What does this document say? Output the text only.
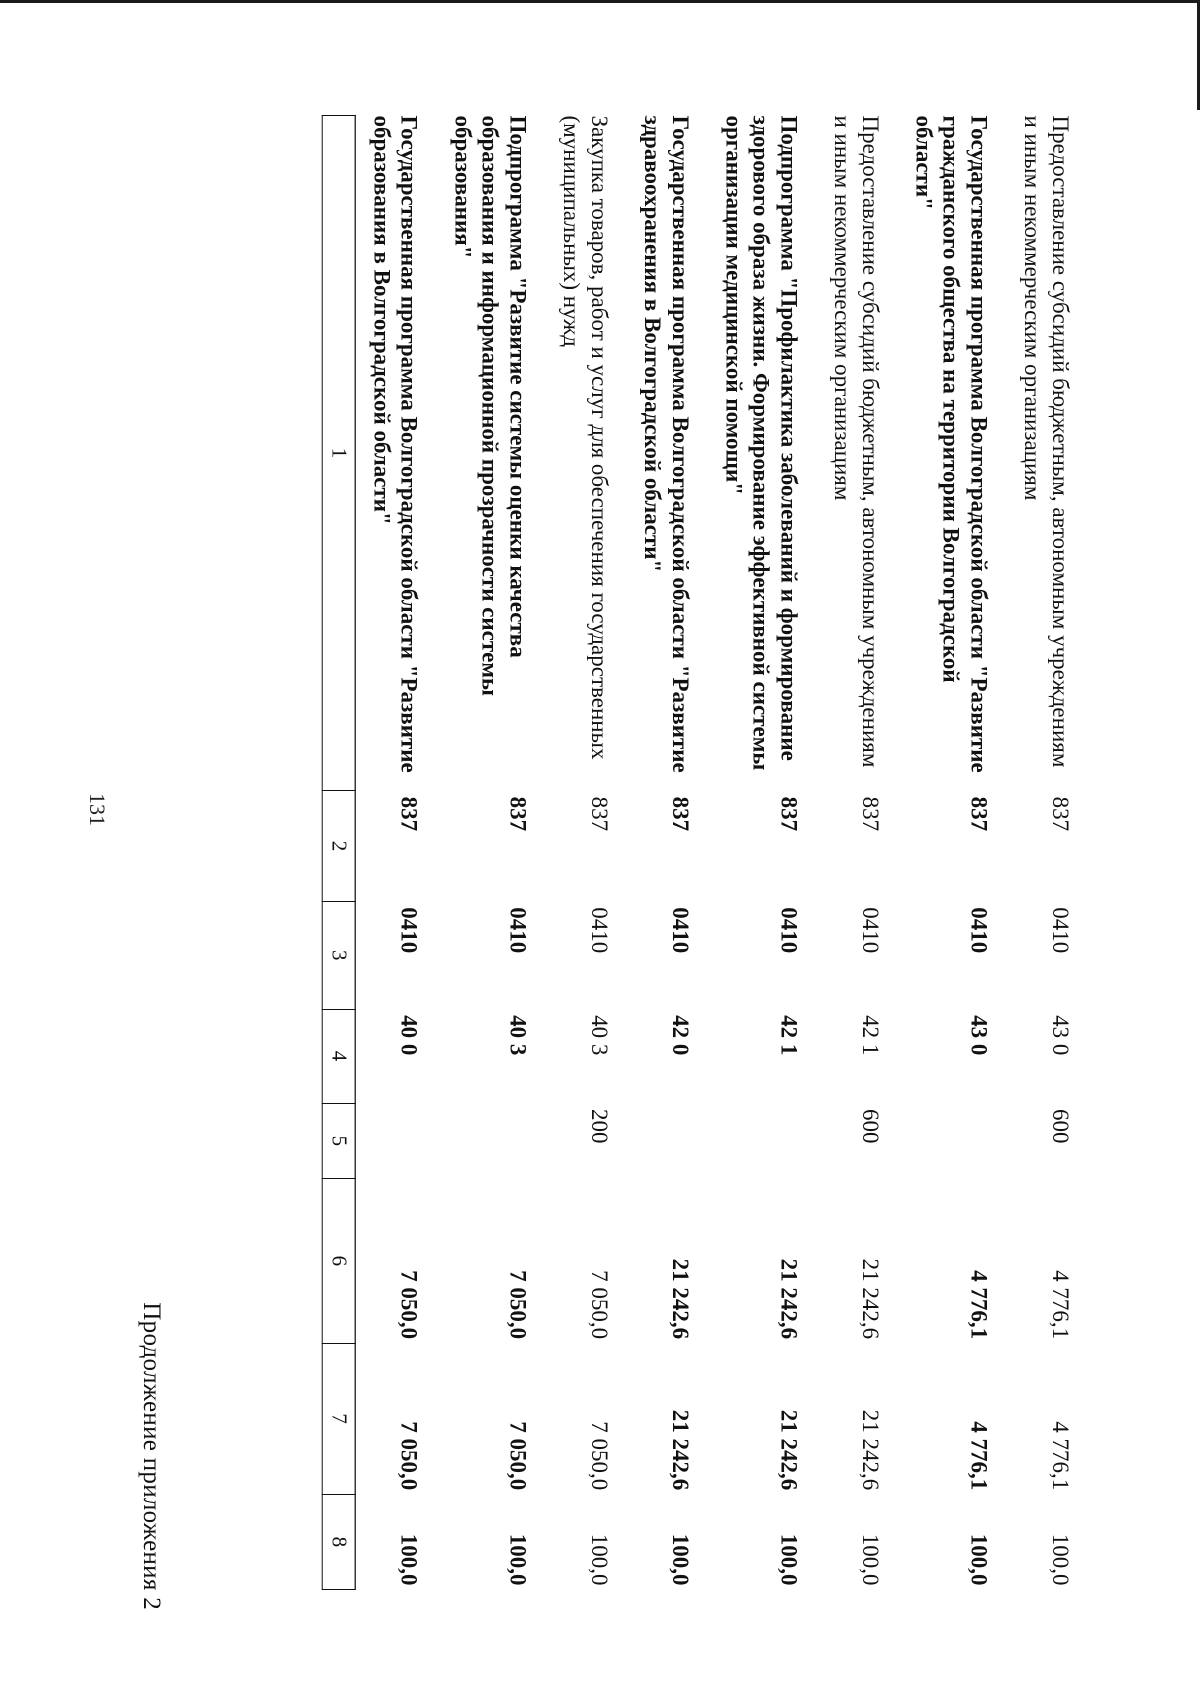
131
Продолжение приложения 2
1	2	3	4	5	6	7	8
Государственная программа Волгоградской области "Развитие образования в Волгоградской области"	837	0410	40 0		7 050,0	7 050,0	100,0
Подпрограмма "Развитие системы оценки качества образования и информационной прозрачности системы образования"	837	0410	40 3		7 050,0	7 050,0	100,0
Закупка товаров, работ и услуг для обеспечения государственных (муниципальных) нужд	837	0410	40 3	200	7 050,0	7 050,0	100,0
Государственная программа Волгоградской области "Развитие здравоохранения в Волгоградской области"	837	0410	42 0		21 242,6	21 242,6	100,0
Подпрограмма "Профилактика заболеваний и формирование здорового образа жизни. Формирование эффективной системы организации медицинской помощи"	837	0410	42 1		21 242,6	21 242,6	100,0
Предоставление субсидий бюджетным, автономным учреждениям и иным некоммерческим организациям	837	0410	42 1	600	21 242,6	21 242,6	100,0
Государственная программа Волгоградской области "Развитие гражданского общества на территории Волгоградской области"	837	0410	43 0		4 776,1	4 776,1	100,0
Предоставление субсидий бюджетным, автономным учреждениям и иным некоммерческим организациям	837	0410	43 0	600	4 776,1	4 776,1	100,0
